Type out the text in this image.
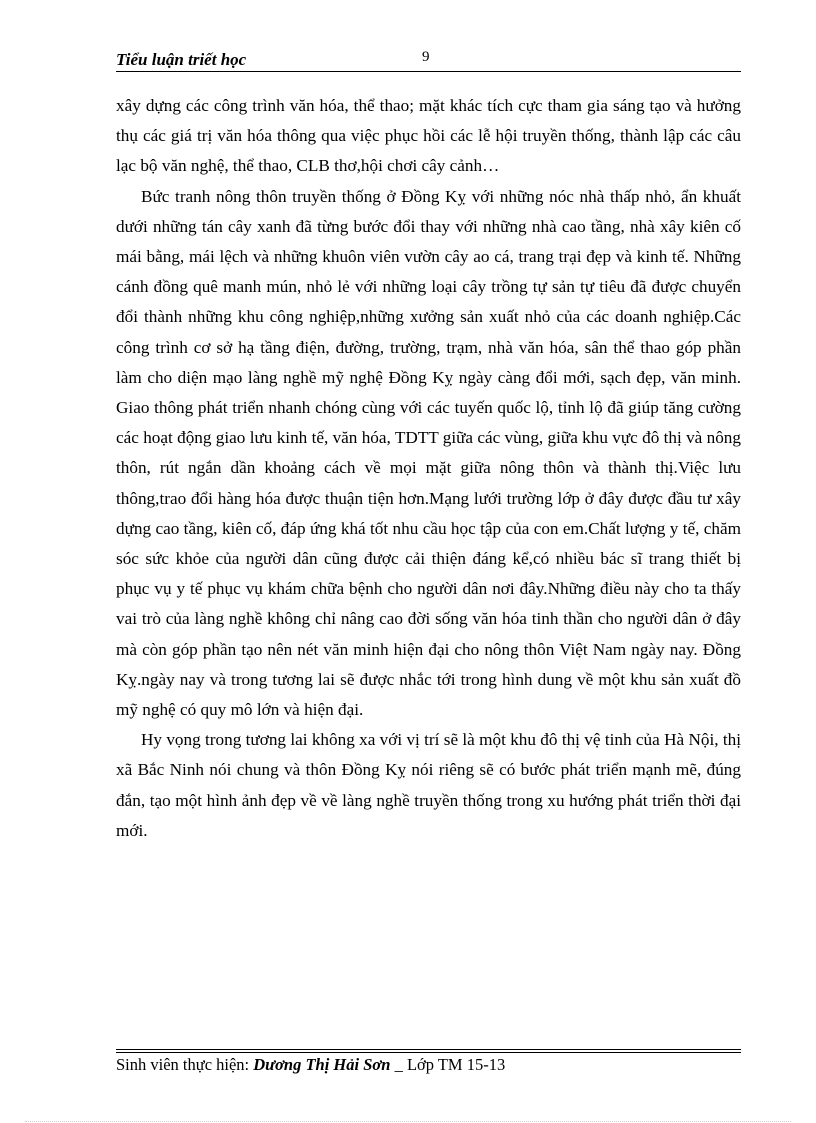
Tiểu luận triết học	9

xây dựng các công trình văn hóa, thể thao; mặt khác tích cực tham gia sáng tạo và hưởng thụ các giá trị văn hóa thông qua việc phục hồi các lễ hội truyền thống, thành lập các câu lạc bộ văn nghệ, thể thao, CLB thơ,hội chơi cây cảnh…

Bức tranh nông thôn truyền thống ở Đồng Kỵ với những nóc nhà thấp nhỏ, ẩn khuất dưới những tán cây xanh đã từng bước đổi thay với những nhà cao tầng, nhà xây kiên cố mái bằng, mái lệch và những khuôn viên vườn cây ao cá, trang trại đẹp và kinh tế. Những cánh đồng quê manh mún, nhỏ lẻ với những loại cây trồng tự sản tự tiêu đã được chuyển đổi thành những khu công nghiệp,những xưởng sản xuất nhỏ của các doanh nghiệp.Các công trình cơ sở hạ tầng điện, đường, trường, trạm, nhà văn hóa, sân thể thao góp phần làm cho diện mạo làng nghề mỹ nghệ Đồng Kỵ ngày càng đổi mới, sạch đẹp, văn minh. Giao thông phát triển nhanh chóng cùng với các tuyến quốc lộ, tỉnh lộ đã giúp tăng cường các hoạt động giao lưu kinh tế, văn hóa, TDTT giữa các vùng, giữa khu vực đô thị và nông thôn, rút ngắn dần khoảng cách về mọi mặt giữa nông thôn và thành thị.Việc lưu thông,trao đổi hàng hóa được thuận tiện hơn.Mạng lưới trường lớp ở đây được đầu tư xây dựng cao tầng, kiên cố, đáp ứng khá tốt nhu cầu học tập của con em.Chất lượng y tế, chăm sóc sức khỏe của người dân cũng được cải thiện đáng kể,có nhiều bác sĩ trang thiết bị phục vụ y tế phục vụ khám chữa bệnh cho người dân nơi đây.Những điều này cho ta thấy vai trò của làng nghề không chỉ nâng cao đời sống văn hóa tinh thần cho người dân ở đây mà còn góp phần tạo nên nét văn minh hiện đại cho nông thôn Việt Nam ngày nay. Đồng Kỵ.ngày nay và trong tương lai sẽ được nhắc tới trong hình dung về một khu sản xuất đồ mỹ nghệ có quy mô lớn và hiện đại.

Hy vọng trong tương lai không xa với vị trí sẽ là một khu đô thị vệ tinh của Hà Nội, thị xã Bắc Ninh nói chung và thôn Đồng Kỵ nói riêng sẽ có bước phát triển mạnh mẽ, đúng đắn, tạo một hình ảnh đẹp về về làng nghề truyền thống trong xu hướng phát triển thời đại mới.

Sinh viên thực hiện: Dương Thị Hải Sơn _ Lớp TM 15-13
